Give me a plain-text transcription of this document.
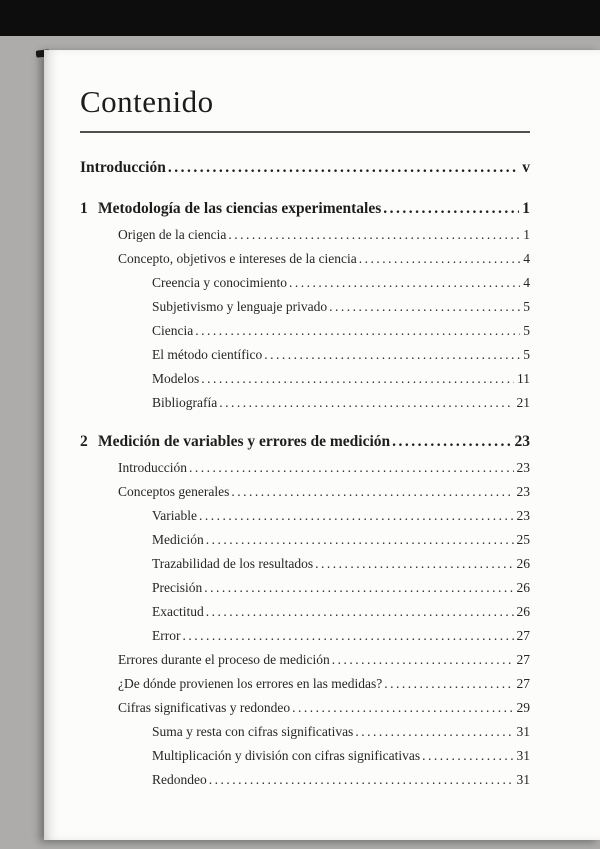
Contenido
Introducción .....	v
1 Metodología de las ciencias experimentales .....	1
Origen de la ciencia .....	1
Concepto, objetivos e intereses de la ciencia .....	4
Creencia y conocimiento .....	4
Subjetivismo y lenguaje privado .....	5
Ciencia .....	5
El método científico .....	5
Modelos .....	11
Bibliografía .....	21
2 Medición de variables y errores de medición .....	23
Introducción .....	23
Conceptos generales .....	23
Variable .....	23
Medición .....	25
Trazabilidad de los resultados .....	26
Precisión .....	26
Exactitud .....	26
Error .....	27
Errores durante el proceso de medición .....	27
¿De dónde provienen los errores en las medidas? .....	27
Cifras significativas y redondeo .....	29
Suma y resta con cifras significativas .....	31
Multiplicación y división con cifras significativas .....	31
Redondeo .....	31
